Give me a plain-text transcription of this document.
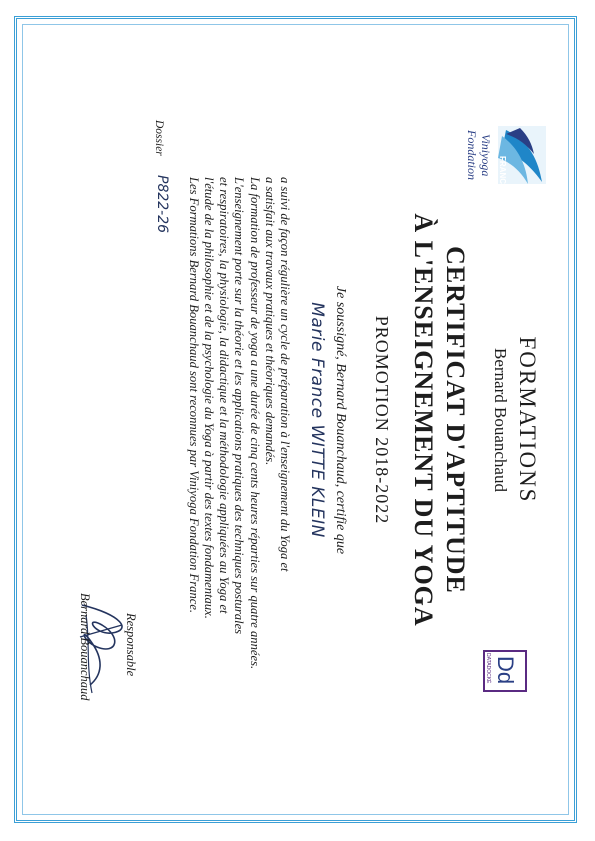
FRANCE
Viniyoga
Fondation
Dd
DATADOCKÉ
FORMATIONS
Bernard Bouanchaud
CERTIFICAT D'APTITUDE
À L'ENSEIGNEMENT DU YOGA
PROMOTION 2018-2022
Je soussigné, Bernard Bouanchaud, certifie que
Marie France WITTE KLEIN
a suivi de façon régulière un cycle de préparation à l'enseignement du Yoga et
a satisfait aux travaux pratiques et théoriques demandés.
La formation de professeur de yoga a une durée de cinq cents heures réparties sur quatre années.
L'enseignement porte sur la théorie et les applications pratiques des techniques posturales
et respiratoires, la physiologie, la didactique et la méthodologie appliquées au Yoga et
l'étude de la philosophie et de la psychologie du Yoga à partir des textes fondamentaux.
Les Formations Bernard Bouanchaud sont reconnues par Viniyoga Fondation France.
Dossier
P822-26
Responsable
Bernard Bouanchaud
